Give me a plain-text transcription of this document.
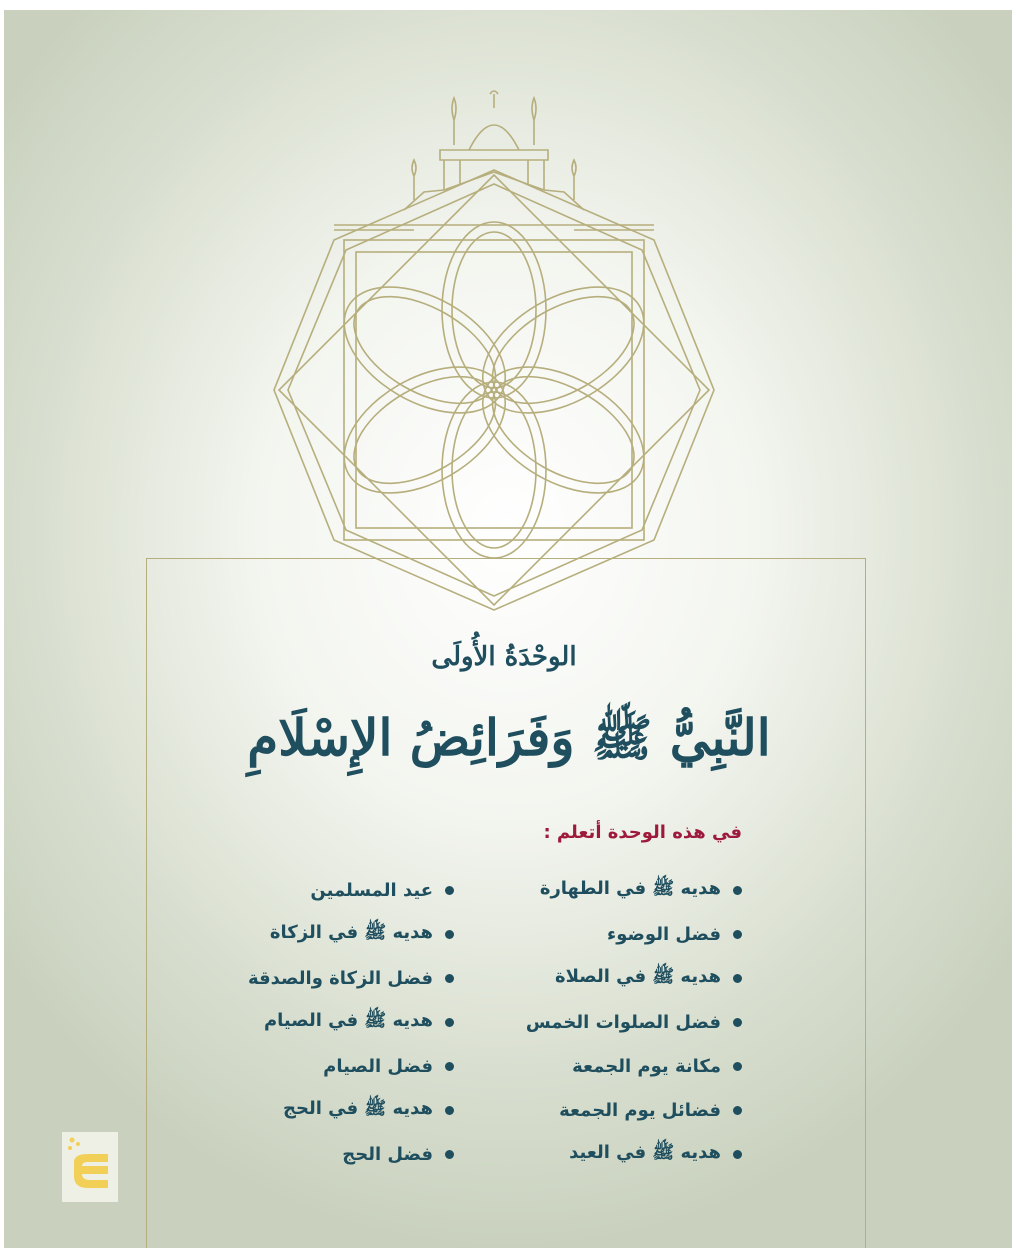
الوحْدَةُ الأُولَى
النَّبِيُّ ﷺ وَفَرَائِضُ الإِسْلَامِ
في هذه الوحدة أتعلم :
هديه ﷺ في الطهارة
فضل الوضوء
هديه ﷺ في الصلاة
فضل الصلوات الخمس
مكانة يوم الجمعة
فضائل يوم الجمعة
هديه ﷺ في العيد
عيد المسلمين
هديه ﷺ في الزكاة
فضل الزكاة والصدقة
هديه ﷺ في الصيام
فضل الصيام
هديه ﷺ في الحج
فضل الحج
